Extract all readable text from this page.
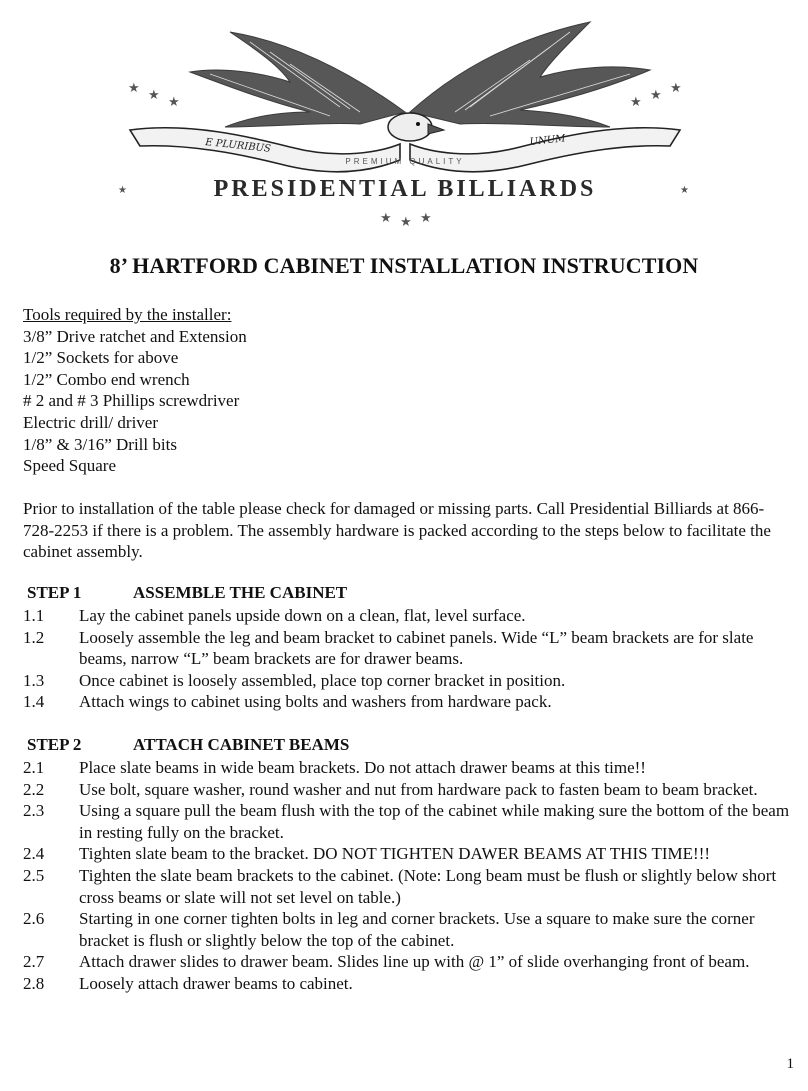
★ ★ ★	★ ★ ★
★ ★ ★
★	★
E PLURIBUS	UNUM
PREMIUM QUALITY
PRESIDENTIAL BILLIARDS
8’ HARTFORD CABINET INSTALLATION INSTRUCTION
Tools required by the installer:
3/8” Drive ratchet and Extension
1/2” Sockets for above
1/2” Combo end wrench
# 2 and # 3 Phillips screwdriver
Electric drill/ driver
1/8” & 3/16” Drill bits
Speed Square
Prior to installation of the table please check for damaged or missing parts. Call Presidential Billiards at 866-728-2253 if there is a problem. The assembly hardware is packed according to the steps below to facilitate the cabinet assembly.
STEP 1	ASSEMBLE THE CABINET
1.1	Lay the cabinet panels upside down on a clean, flat, level surface.
1.2	Loosely assemble the leg and beam bracket to cabinet panels. Wide “L” beam brackets are for slate beams, narrow “L” beam brackets are for drawer beams.
1.3	Once cabinet is loosely assembled, place top corner bracket in position.
1.4	Attach wings to cabinet using bolts and washers from hardware pack.
STEP 2	ATTACH CABINET BEAMS
2.1	Place slate beams in wide beam brackets. Do not attach drawer beams at this time!!
2.2	Use bolt, square washer, round washer and nut from hardware pack to fasten beam to beam bracket.
2.3	Using a square pull the beam flush with the top of the cabinet while making sure the bottom of the beam in resting fully on the bracket.
2.4	Tighten slate beam to the bracket. DO NOT TIGHTEN DAWER BEAMS AT THIS TIME!!!
2.5	Tighten the slate beam brackets to the cabinet. (Note: Long beam must be flush or slightly below short cross beams or slate will not set level on table.)
2.6	Starting in one corner tighten bolts in leg and corner brackets. Use a square to make sure the corner bracket is flush or slightly below the top of the cabinet.
2.7	Attach drawer slides to drawer beam. Slides line up with @ 1” of slide overhanging front of beam.
2.8	Loosely attach drawer beams to cabinet.
1
